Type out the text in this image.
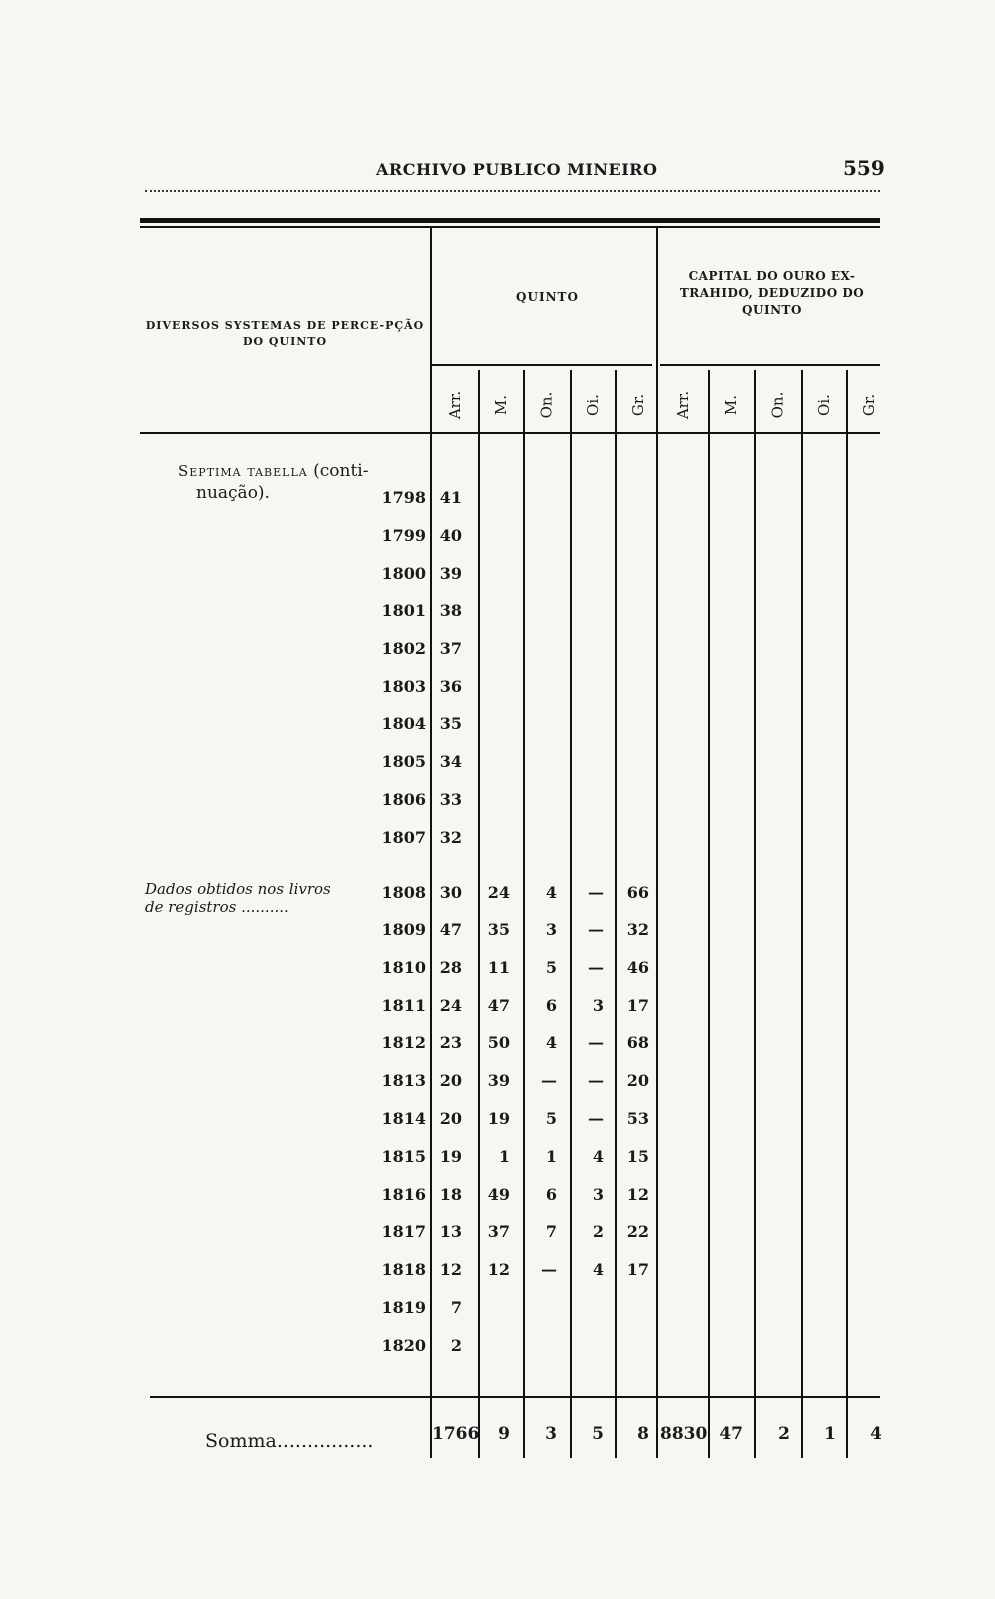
ARCHIVO PUBLICO MINEIRO	559
DIVERSOS SYSTEMAS DE PERCE-PÇÃO DO QUINTO
QUINTO
CAPITAL DO OURO EX-TRAHIDO, DEDUZIDO DO QUINTO
Arr. M. On. Oi. Gr. Arr. M. On. Oi. Gr.
Septima tabella (conti-
nuação).
Dados obtidos nos livros
de registros ..........
1798 41
1799 40
1800 39
1801 38
1802 37
1803 36
1804 35
1805 34
1806 33
1807 32
1808 30	24	4	—	66
1809 47	35	3	—	32
1810 28	11	5	—	46
1811 24	47	6	3	17
1812 23	50	4	—	68
1813 20	39	—	—	20
1814 20	19	5	—	53
1815 19	1	1	4	15
1816 18	49	6	3	12
1817 13	37	7	2	22
1818 12	12	—	4	17
1819	7
1820	2
Somma................	1766	9	3	5	8 8830 47	2	1	4
